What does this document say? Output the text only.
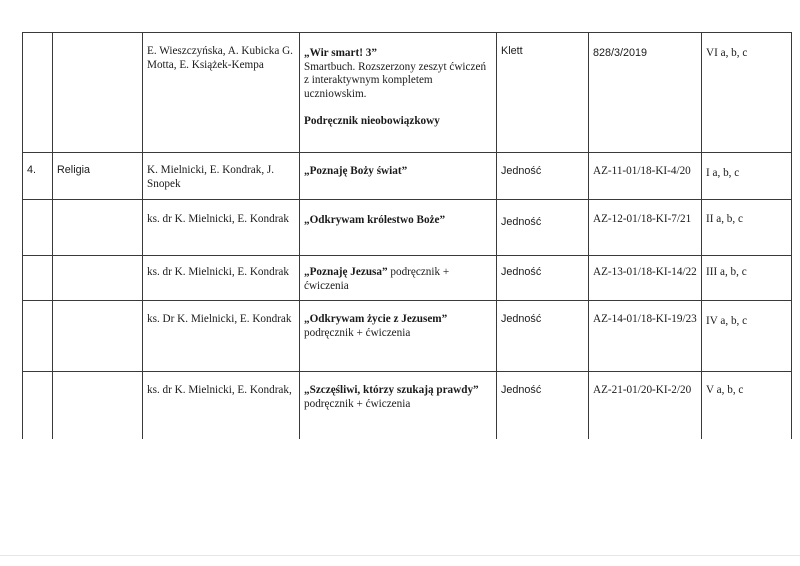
		E. Wieszczyńska, A. Kubicka G. Motta, E. Książek-Kempa	„Wir smart! 3”
Smartbuch. Rozszerzony zeszyt ćwiczeń z interaktywnym kompletem uczniowskim.
Podręcznik nieobowiązkowy	Klett	828/3/2019	VI a, b, c

4.	Religia	K. Mielnicki, E. Kondrak, J. Snopek	„Poznaję Boży świat”	Jedność	AZ-11-01/18-KI-4/20	I a, b, c

		ks. dr K. Mielnicki, E. Kondrak	„Odkrywam królestwo Boże”	Jedność	AZ-12-01/18-KI-7/21	II a, b, c

		ks. dr K. Mielnicki, E. Kondrak	„Poznaję Jezusa” podręcznik + ćwiczenia	Jedność	AZ-13-01/18-KI-14/22	III a, b, c

		ks. Dr K. Mielnicki, E. Kondrak	„Odkrywam życie z Jezusem”
podręcznik + ćwiczenia	Jedność	AZ-14-01/18-KI-19/23	IV a, b, c

		ks. dr K. Mielnicki, E. Kondrak,	„Szczęśliwi, którzy szukają prawdy”
podręcznik + ćwiczenia	Jedność	AZ-21-01/20-KI-2/20	V a, b, c
